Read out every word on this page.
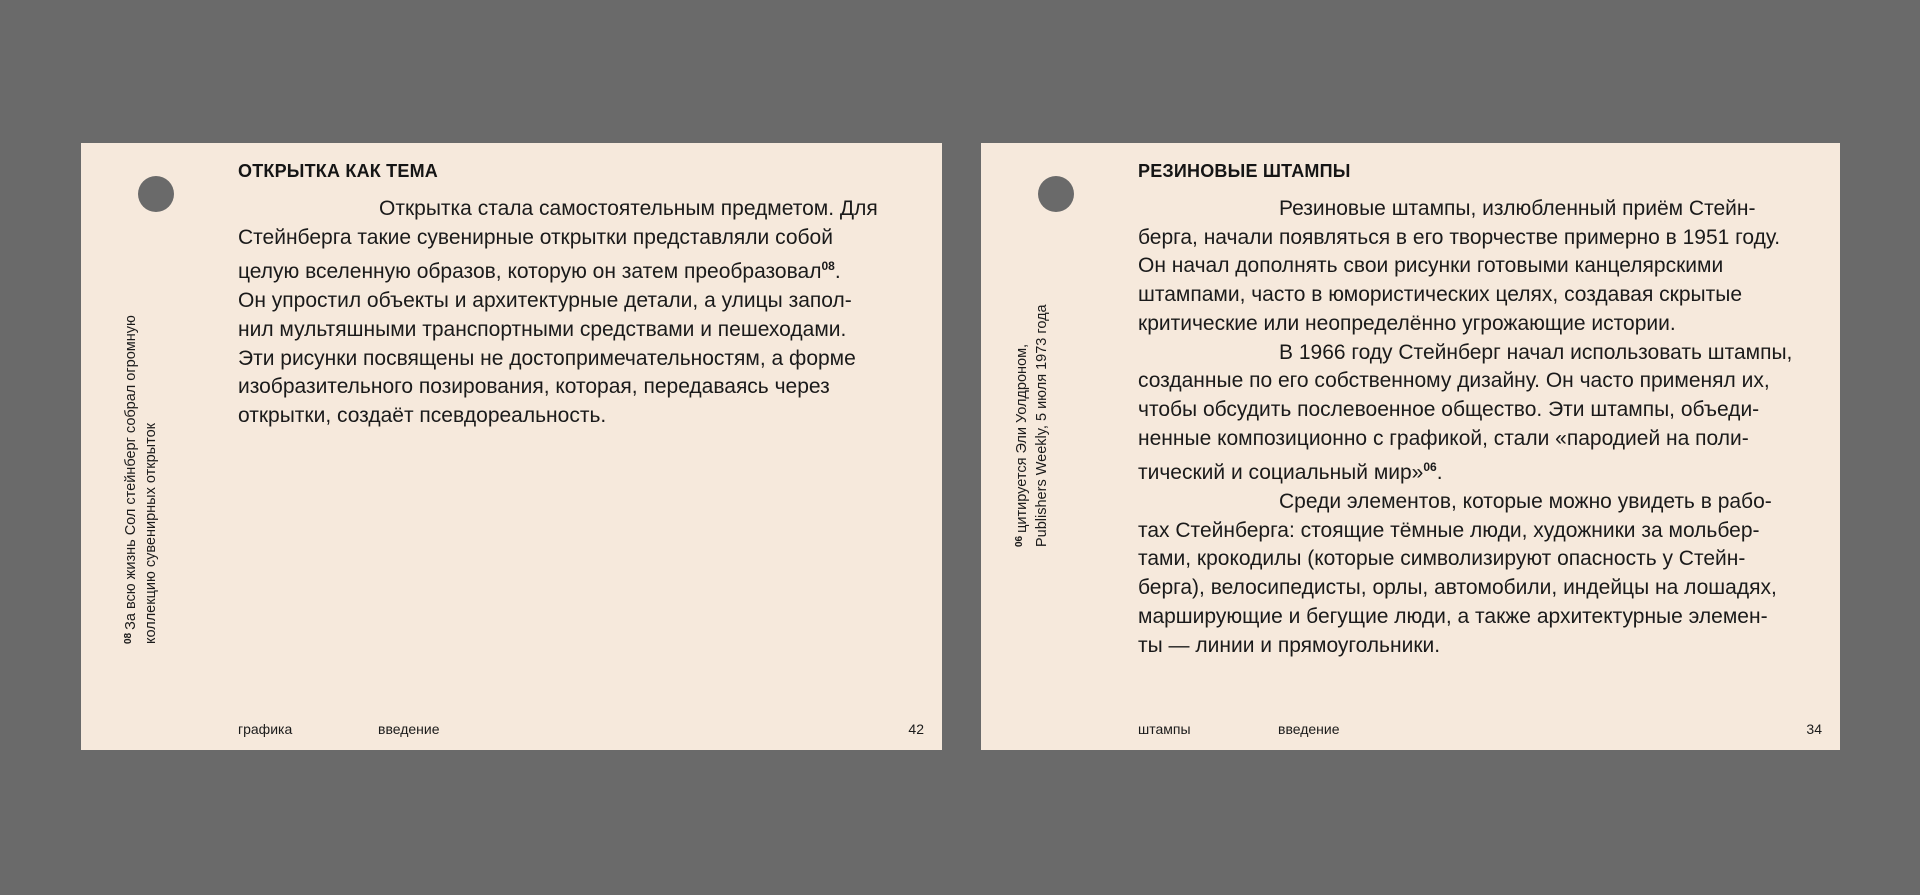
$^{08}$За всю жизнь Сол стейнберг собрал огромную коллекцию сувенирных открыток
ОТКРЫТКА КАК ТЕМА

Открытка стала самостоятельным предметом. Для
Стейнберга такие сувенирные открытки представляли собой
целую вселенную образов, которую он затем преобразовал$^{08}$.
Он упростил объекты и архитектурные детали, а улицы запол-
нил мультяшными транспортными средствами и пешеходами.
Эти рисунки посвящены не достопримечательностям, а форме
изобразительного позирования, которая, передаваясь через
открытки, создаёт псевдореальность.

графика	введение	42
$^{06}$цитируется Эли Уолдроном, Publishers Weekly, 5 июля 1973 года
РЕЗИНОВЫЕ ШТАМПЫ

Резиновые штампы, излюбленный приём Стейн-
берга, начали появляться в его творчестве примерно в 1951 году.
Он начал дополнять свои рисунки готовыми канцелярскими
штампами, часто в юмористических целях, создавая скрытые
критические или неопределённо угрожающие истории.

В 1966 году Стейнберг начал использовать штампы,
созданные по его собственному дизайну. Он часто применял их,
чтобы обсудить послевоенное общество. Эти штампы, объеди-
ненные композиционно с графикой, стали «пародией на поли-
тический и социальный мир»$^{06}$.

Среди элементов, которые можно увидеть в рабо-
тах Стейнберга: стоящие тёмные люди, художники за мольбер-
тами, крокодилы (которые символизируют опасность у Стейн-
берга), велосипедисты, орлы, автомобили, индейцы на лошадях,
марширующие и бегущие люди, а также архитектурные элемен-
ты — линии и прямоугольники.

штампы	введение	34
